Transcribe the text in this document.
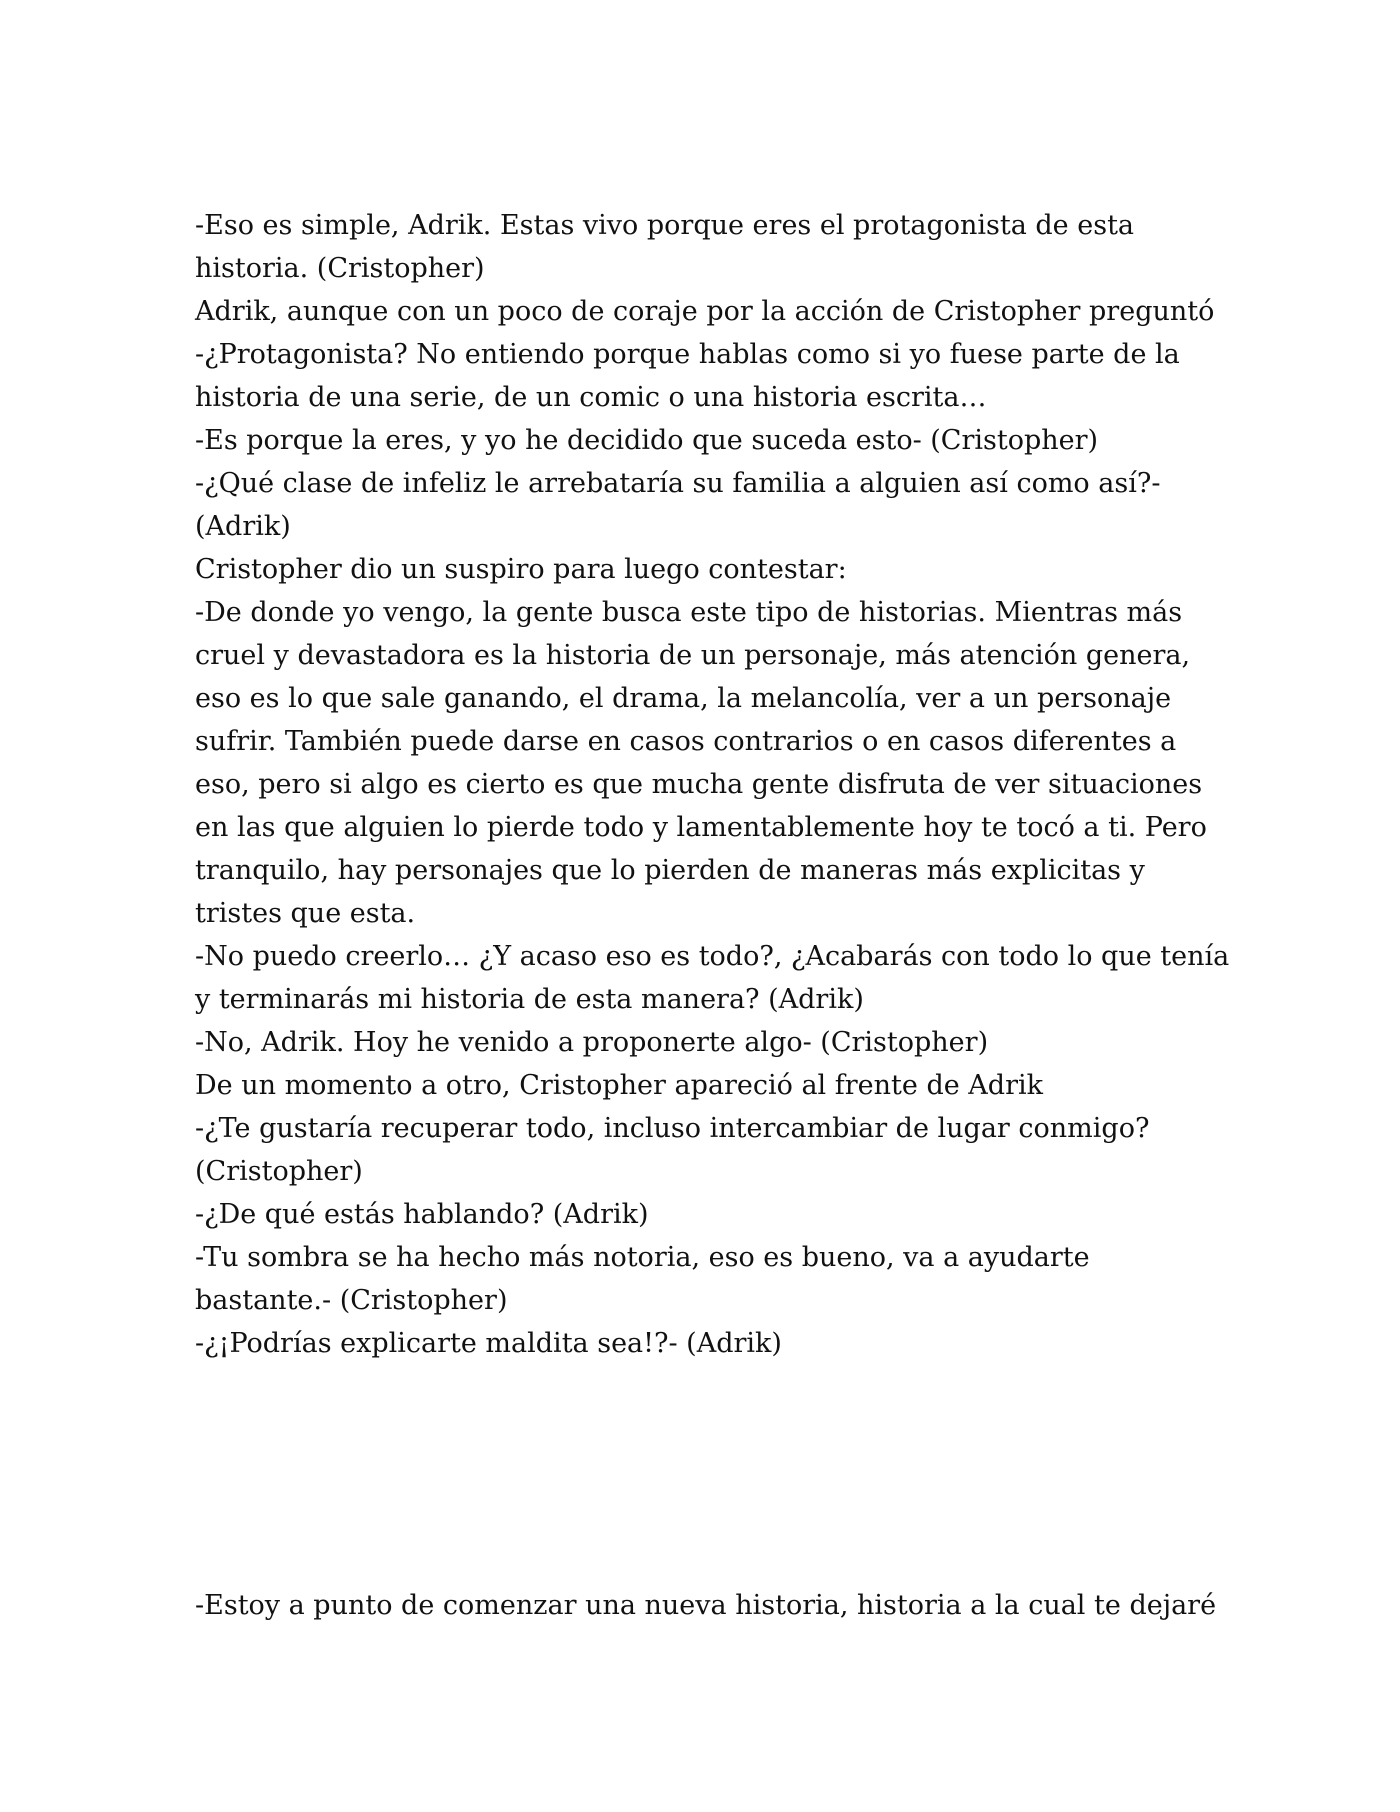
-Eso es simple, Adrik. Estas vivo porque eres el protagonista de esta
historia. (Cristopher)
Adrik, aunque con un poco de coraje por la acción de Cristopher preguntó
-¿Protagonista? No entiendo porque hablas como si yo fuese parte de la
historia de una serie, de un comic o una historia escrita…
-Es porque la eres, y yo he decidido que suceda esto- (Cristopher)
-¿Qué clase de infeliz le arrebataría su familia a alguien así como así?-
(Adrik)
Cristopher dio un suspiro para luego contestar:
-De donde yo vengo, la gente busca este tipo de historias. Mientras más
cruel y devastadora es la historia de un personaje, más atención genera,
eso es lo que sale ganando, el drama, la melancolía, ver a un personaje
sufrir. También puede darse en casos contrarios o en casos diferentes a
eso, pero si algo es cierto es que mucha gente disfruta de ver situaciones
en las que alguien lo pierde todo y lamentablemente hoy te tocó a ti. Pero
tranquilo, hay personajes que lo pierden de maneras más explicitas y
tristes que esta.
-No puedo creerlo… ¿Y acaso eso es todo?, ¿Acabarás con todo lo que tenía
y terminarás mi historia de esta manera? (Adrik)
-No, Adrik. Hoy he venido a proponerte algo- (Cristopher)
De un momento a otro, Cristopher apareció al frente de Adrik
-¿Te gustaría recuperar todo, incluso intercambiar de lugar conmigo?
(Cristopher)
-¿De qué estás hablando? (Adrik)
-Tu sombra se ha hecho más notoria, eso es bueno, va a ayudarte
bastante.- (Cristopher)
-¿¡Podrías explicarte maldita sea!?- (Adrik)
-Estoy a punto de comenzar una nueva historia, historia a la cual te dejaré
